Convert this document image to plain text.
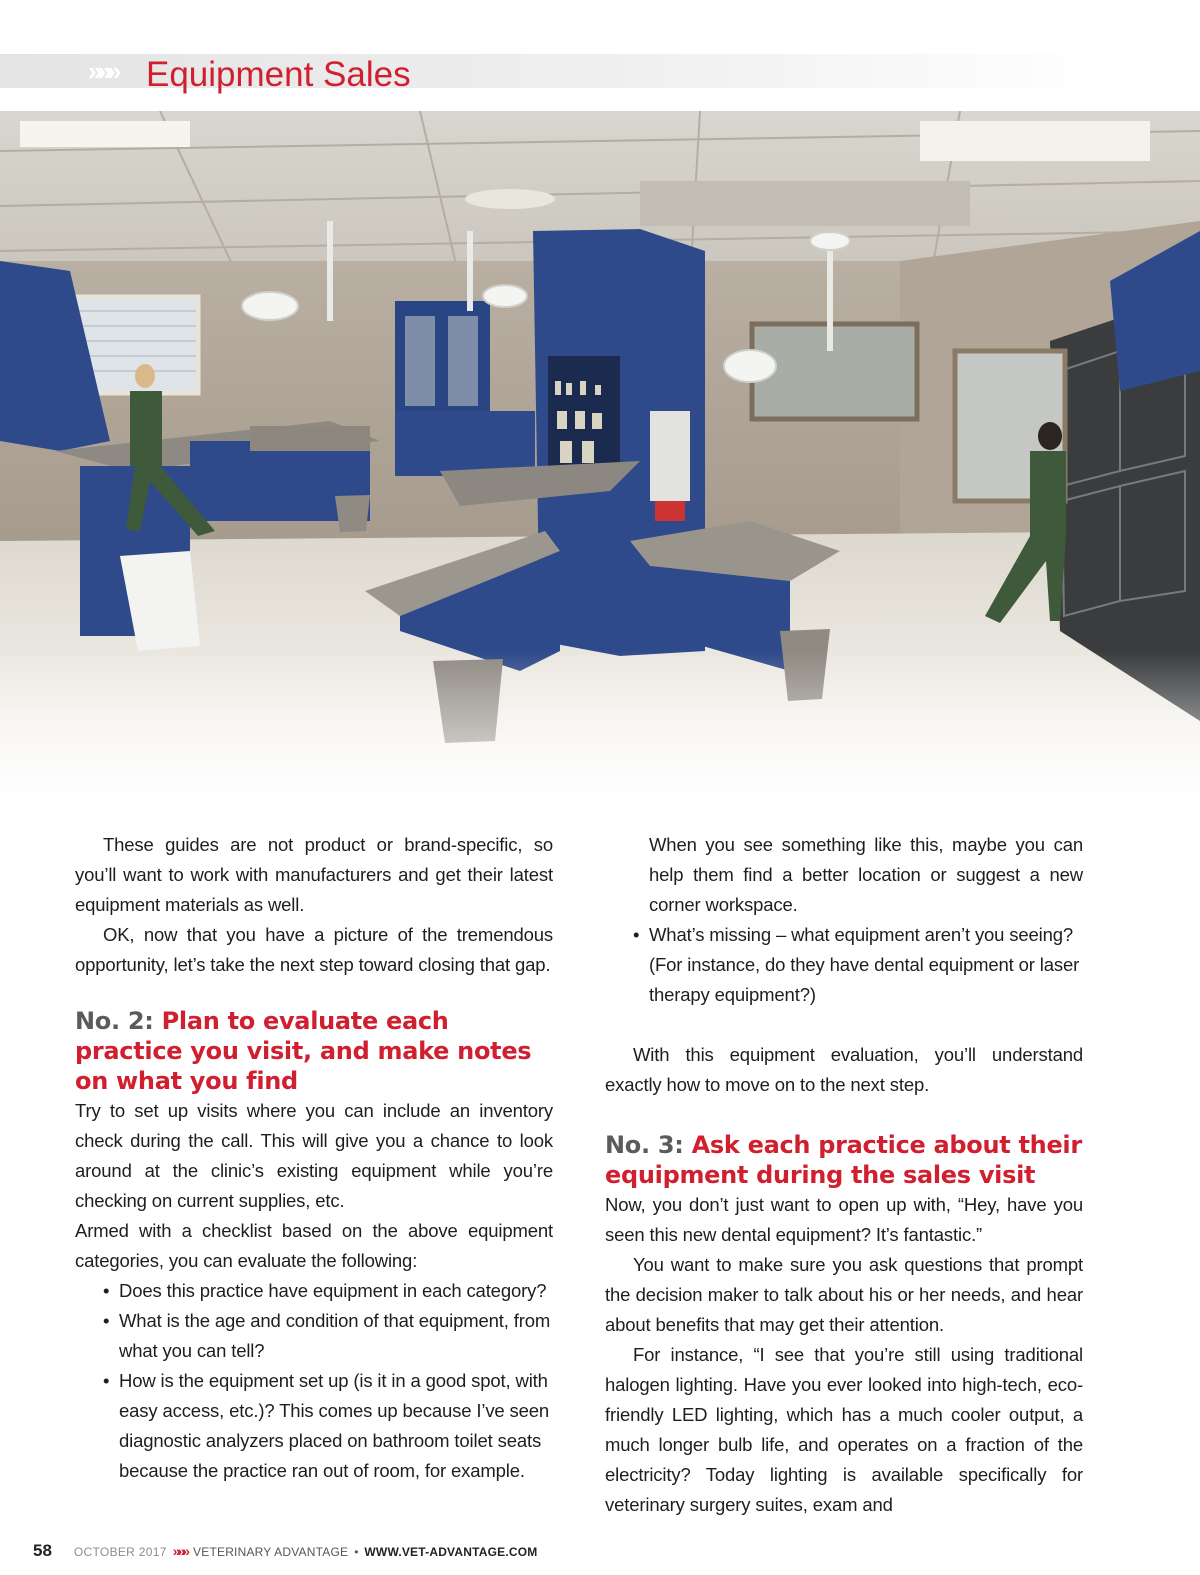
»»» Equipment Sales

These guides are not product or brand-specific, so you’ll want to work with manufacturers and get their latest equipment materials as well.

OK, now that you have a picture of the tremendous opportunity, let’s take the next step toward closing that gap.

No. 2: Plan to evaluate each practice you visit, and make notes on what you find

Try to set up visits where you can include an inventory check during the call. This will give you a chance to look around at the clinic’s existing equipment while you’re checking on current supplies, etc.

Armed with a checklist based on the above equipment categories, you can evaluate the following:

• Does this practice have equipment in each category?
• What is the age and condition of that equipment, from what you can tell?
• How is the equipment set up (is it in a good spot, with easy access, etc.)? This comes up because I’ve seen diagnostic analyzers placed on bathroom toilet seats because the practice ran out of room, for example.

When you see something like this, maybe you can help them find a better location or suggest a new corner workspace.

• What’s missing – what equipment aren’t you seeing? (For instance, do they have dental equipment or laser therapy equipment?)

With this equipment evaluation, you’ll understand exactly how to move on to the next step.

No. 3: Ask each practice about their equipment during the sales visit

Now, you don’t just want to open up with, “Hey, have you seen this new dental equipment? It’s fantastic.”

You want to make sure you ask questions that prompt the decision maker to talk about his or her needs, and hear about benefits that may get their attention.

For instance, “I see that you’re still using traditional halogen lighting. Have you ever looked into high-tech, eco-friendly LED lighting, which has a much cooler output, a much longer bulb life, and operates on a fraction of the electricity? Today lighting is available specifically for veterinary surgery suites, exam and

58 OCTOBER 2017 »»» VETERINARY ADVANTAGE • WWW.VET-ADVANTAGE.COM
